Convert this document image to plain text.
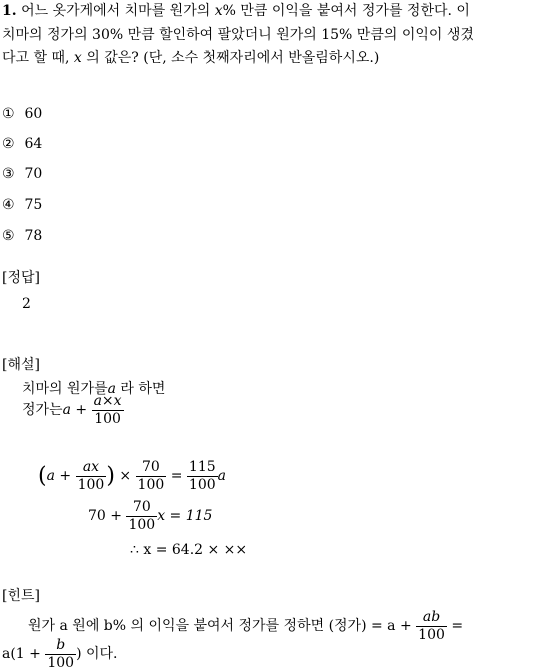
1. 어느 옷가게에서 치마를 원가의 x% 만큼 이익을 붙여서 정가를 정한다. 이
치마의 정가의 30% 만큼 할인하여 팔았더니 원가의 15% 만큼의 이익이 생겼
다고 할 때, x 의 값은? (단, 소수 첫째자리에서 반올림하시오.)
① 60
② 64
③ 70
④ 75
⑤ 78
[정답]
2
[해설]
치마의 원가를a 라 하면
정가는$a + \frac{a\times x}{100}$
($a + \frac{ax}{100}$ ) × $\frac{70}{100} = \frac{115}{100}$ a
$70 + \frac{70}{100}$ x = 115
∴ x = 64.2 × ××
[힌트]
원가 a 원에 b% 의 이익을 붙여서 정가를 정하면 (정가) = $a + \frac{ab}{100}$ =
$a(1 + \frac{b}{100}$ ) 이다.
